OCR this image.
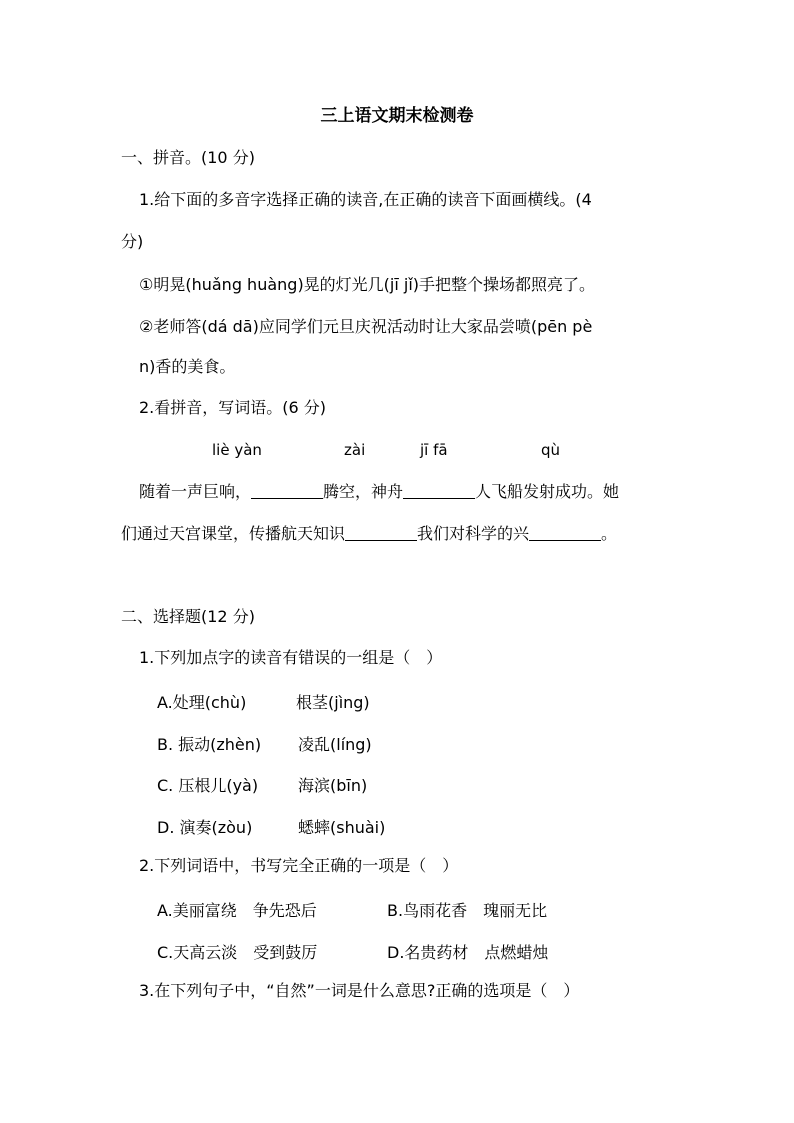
三上语文期末检测卷
一、拼音。(10 分)
1.给下面的多音字选择正确的读音,在正确的读音下面画横线。(4
分)
①明晃(huǎng huàng)晃的灯光几(jī jǐ)手把整个操场都照亮了。
②老师答(dá dā)应同学们元旦庆祝活动时让大家品尝喷(pēn pè
n)香的美食。
2.看拼音，写词语。(6 分)
liè yàn	zài	jī fā	qù
随着一声巨响，	腾空，神舟	人飞船发射成功。她
们通过天宫课堂，传播航天知识	我们对科学的兴	。
二、选择题(12 分)
1.下列加点字的读音有错误的一组是（　）
A.处理(chù)	根茎(jìng)
B. 振动(zhèn) 凌乱(líng)
C. 压根儿(yà) 海滨(bīn)
D. 演奏(zòu)	蟋蟀(shuài)
2.下列词语中，书写完全正确的一项是（　）
A.美丽富绕　争先恐后	B.鸟雨花香　瑰丽无比
C.天高云淡　受到鼓厉	D.名贵药材　点燃蜡烛
3.在下列句子中，“自然”一词是什么意思?正确的选项是（　）
